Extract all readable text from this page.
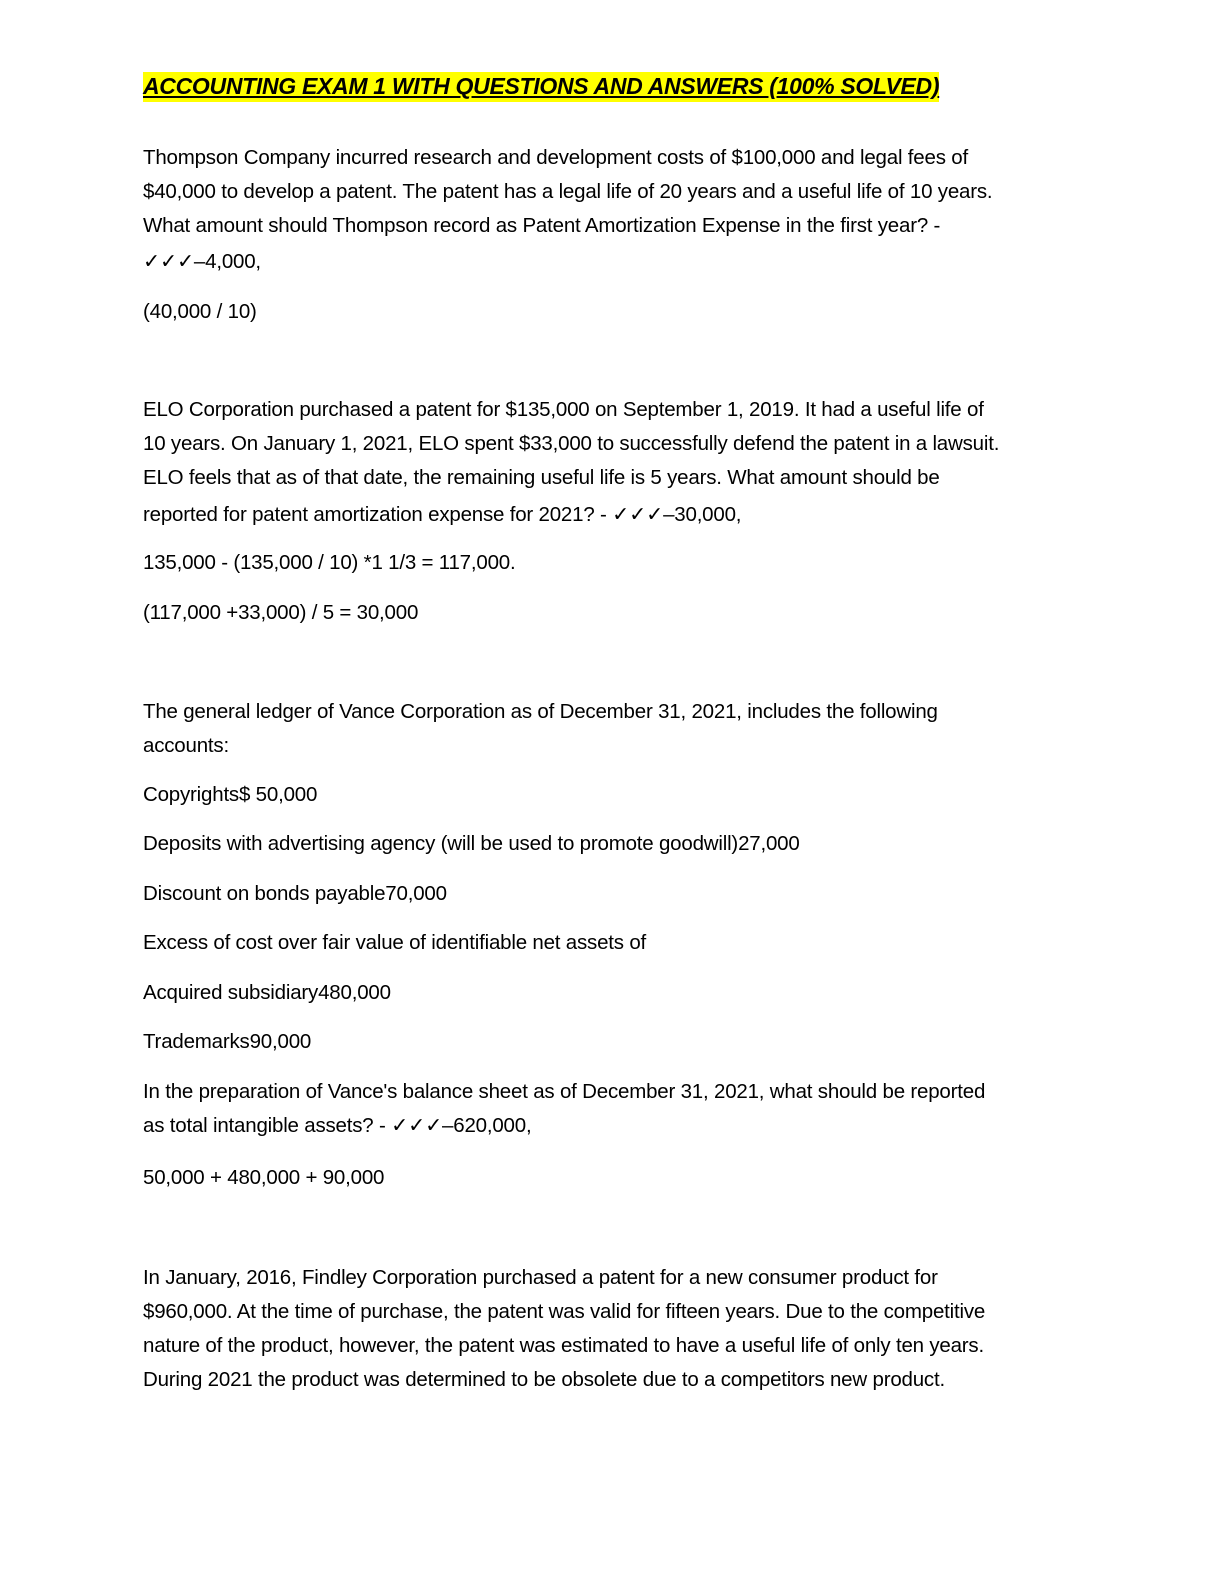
ACCOUNTING EXAM 1 WITH QUESTIONS AND ANSWERS (100% SOLVED)
Thompson Company incurred research and development costs of $100,000 and legal fees of
$40,000 to develop a patent. The patent has a legal life of 20 years and a useful life of 10 years.
What amount should Thompson record as Patent Amortization Expense in the first year? -
✓✓✓–4,000,
(40,000 / 10)
ELO Corporation purchased a patent for $135,000 on September 1, 2019. It had a useful life of
10 years. On January 1, 2021, ELO spent $33,000 to successfully defend the patent in a lawsuit.
ELO feels that as of that date, the remaining useful life is 5 years. What amount should be
reported for patent amortization expense for 2021? - ✓✓✓–30,000,
135,000 - (135,000 / 10) *1 1/3 = 117,000.
(117,000 +33,000) / 5 = 30,000
The general ledger of Vance Corporation as of December 31, 2021, includes the following
accounts:
Copyrights$ 50,000
Deposits with advertising agency (will be used to promote goodwill)27,000
Discount on bonds payable70,000
Excess of cost over fair value of identifiable net assets of
Acquired subsidiary480,000
Trademarks90,000
In the preparation of Vance's balance sheet as of December 31, 2021, what should be reported
as total intangible assets? - ✓✓✓–620,000,
50,000 + 480,000 + 90,000
In January, 2016, Findley Corporation purchased a patent for a new consumer product for
$960,000. At the time of purchase, the patent was valid for fifteen years. Due to the competitive
nature of the product, however, the patent was estimated to have a useful life of only ten years.
During 2021 the product was determined to be obsolete due to a competitors new product.
